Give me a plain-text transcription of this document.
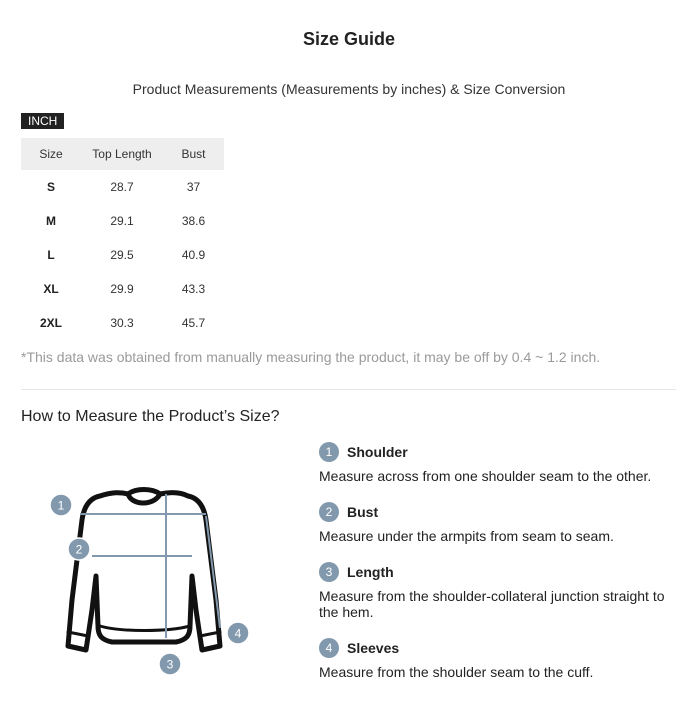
Size Guide
Product Measurements (Measurements by inches) & Size Conversion
INCH
Size	Top Length	Bust
S	28.7	37
M	29.1	38.6
L	29.5	40.9
XL	29.9	43.3
2XL	30.3	45.7
*This data was obtained from manually measuring the product, it may be off by 0.4 ~ 1.2 inch.
How to Measure the Product’s Size?
1
2
3
4
1	Shoulder
Measure across from one shoulder seam to the other.
2	Bust
Measure under the armpits from seam to seam.
3	Length
Measure from the shoulder-collateral junction straight to the hem.
4	Sleeves
Measure from the shoulder seam to the cuff.
